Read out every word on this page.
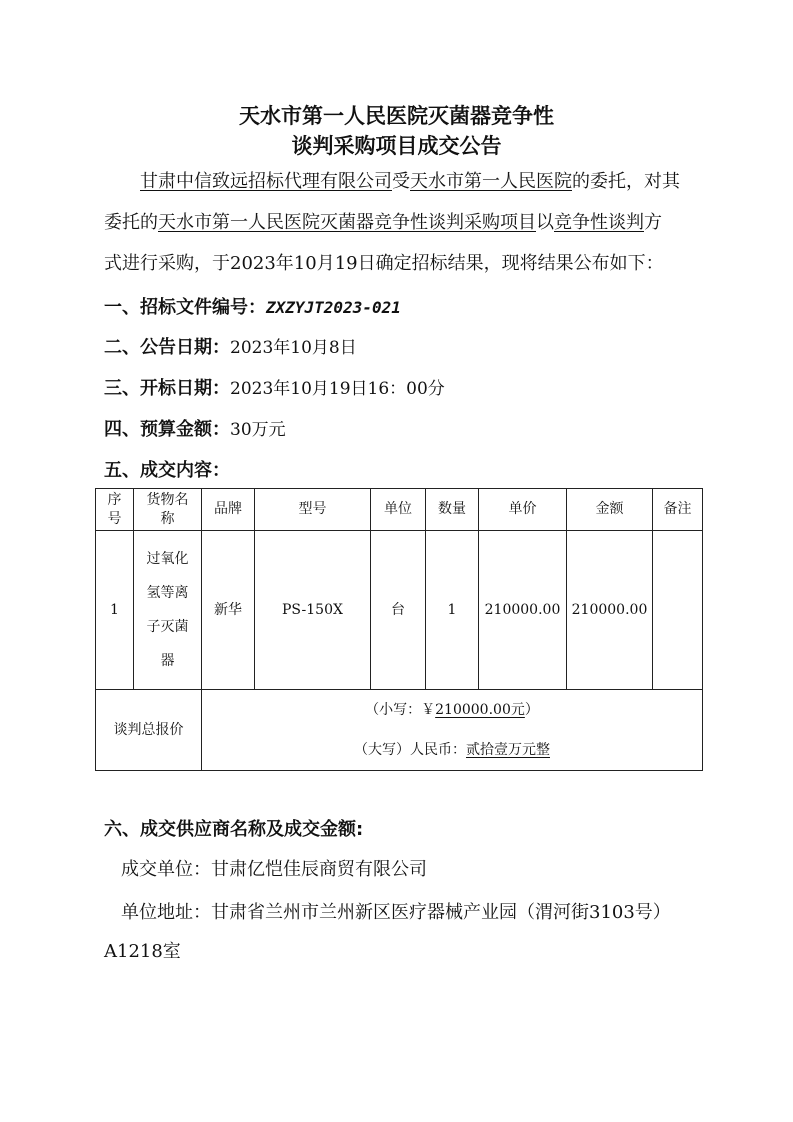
天水市第一人民医院灭菌器竞争性
谈判采购项目成交公告
甘肃中信致远招标代理有限公司受天水市第一人民医院的委托，对其
委托的天水市第一人民医院灭菌器竞争性谈判采购项目以竞争性谈判方
式进行采购，于2023年10月19日确定招标结果，现将结果公布如下：
一、招标文件编号：ZXZYJT2023-021
二、公告日期：2023年10月8日
三、开标日期：2023年10月19日16：00分
四、预算金额：30万元
五、成交内容：
序号	货物名称	品牌	型号	单位	数量	单价	金额	备注
1	过氧化氢等离子灭菌器	新华	PS-150X	台	1	210000.00	210000.00	
谈判总报价		（小写：￥210000.00元）
（大写）人民币：贰拾壹万元整						
六、成交供应商名称及成交金额:
成交单位：甘肃亿恺佳辰商贸有限公司
单位地址：甘肃省兰州市兰州新区医疗器械产业园（渭河街3103号）
A1218室
